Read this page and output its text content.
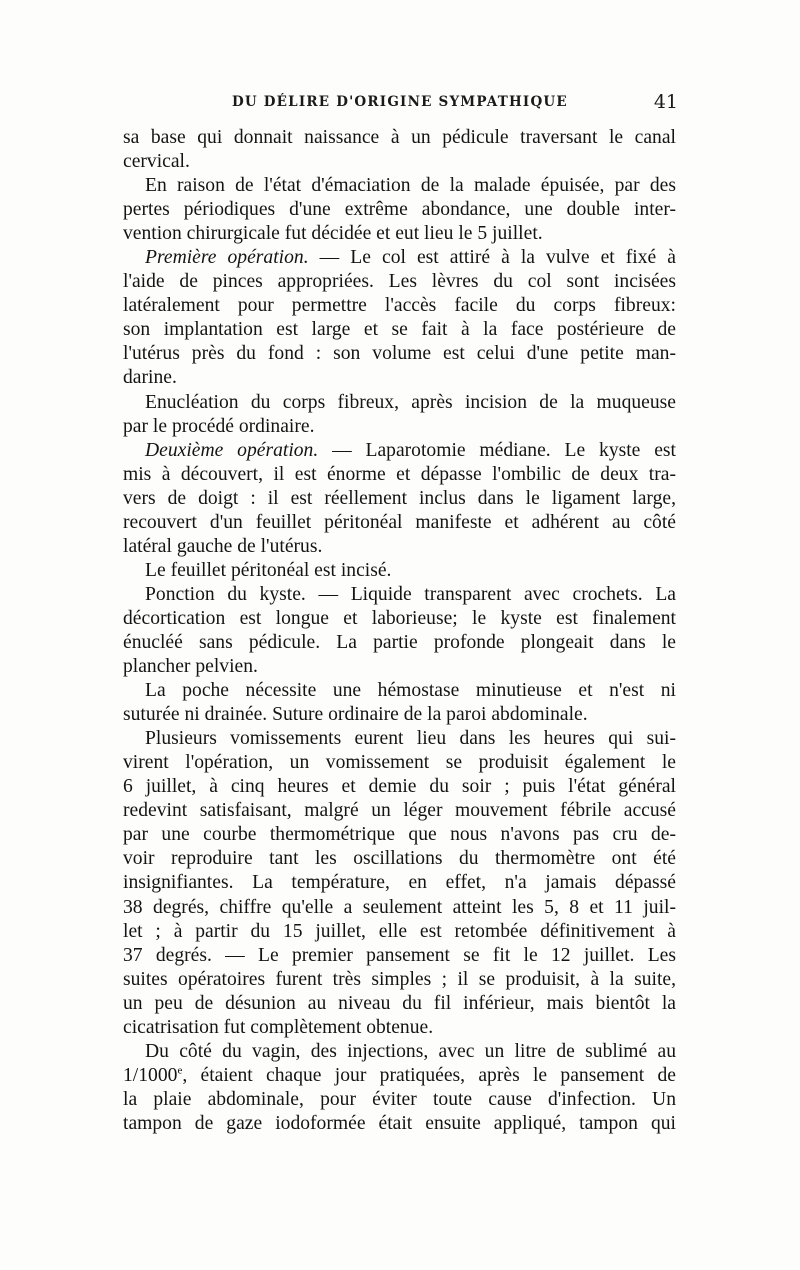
DU DÉLIRE D'ORIGINE SYMPATHIQUE	41
sa base qui donnait naissance à un pédicule traversant le canal
cervical.
En raison de l'état d'émaciation de la malade épuisée, par des
pertes périodiques d'une extrême abondance, une double inter-
vention chirurgicale fut décidée et eut lieu le 5 juillet.
Première opération. — Le col est attiré à la vulve et fixé à
l'aide de pinces appropriées. Les lèvres du col sont incisées
latéralement pour permettre l'accès facile du corps fibreux:
son implantation est large et se fait à la face postérieure de
l'utérus près du fond : son volume est celui d'une petite man-
darine.
Enucléation du corps fibreux, après incision de la muqueuse
par le procédé ordinaire.
Deuxième opération. — Laparotomie médiane. Le kyste est
mis à découvert, il est énorme et dépasse l'ombilic de deux tra-
vers de doigt : il est réellement inclus dans le ligament large,
recouvert d'un feuillet péritonéal manifeste et adhérent au côté
latéral gauche de l'utérus.
Le feuillet péritonéal est incisé.
Ponction du kyste. — Liquide transparent avec crochets. La
décortication est longue et laborieuse; le kyste est finalement
énucléé sans pédicule. La partie profonde plongeait dans le
plancher pelvien.
La poche nécessite une hémostase minutieuse et n'est ni
suturée ni drainée. Suture ordinaire de la paroi abdominale.
Plusieurs vomissements eurent lieu dans les heures qui sui-
virent l'opération, un vomissement se produisit également le
6 juillet, à cinq heures et demie du soir ; puis l'état général
redevint satisfaisant, malgré un léger mouvement fébrile accusé
par une courbe thermométrique que nous n'avons pas cru de-
voir reproduire tant les oscillations du thermomètre ont été
insignifiantes. La température, en effet, n'a jamais dépassé
38 degrés, chiffre qu'elle a seulement atteint les 5, 8 et 11 juil-
let ; à partir du 15 juillet, elle est retombée définitivement à
37 degrés. — Le premier pansement se fit le 12 juillet. Les
suites opératoires furent très simples ; il se produisit, à la suite,
un peu de désunion au niveau du fil inférieur, mais bientôt la
cicatrisation fut complètement obtenue.
Du côté du vagin, des injections, avec un litre de sublimé au
1/1000e, étaient chaque jour pratiquées, après le pansement de
la plaie abdominale, pour éviter toute cause d'infection. Un
tampon de gaze iodoformée était ensuite appliqué, tampon qui
